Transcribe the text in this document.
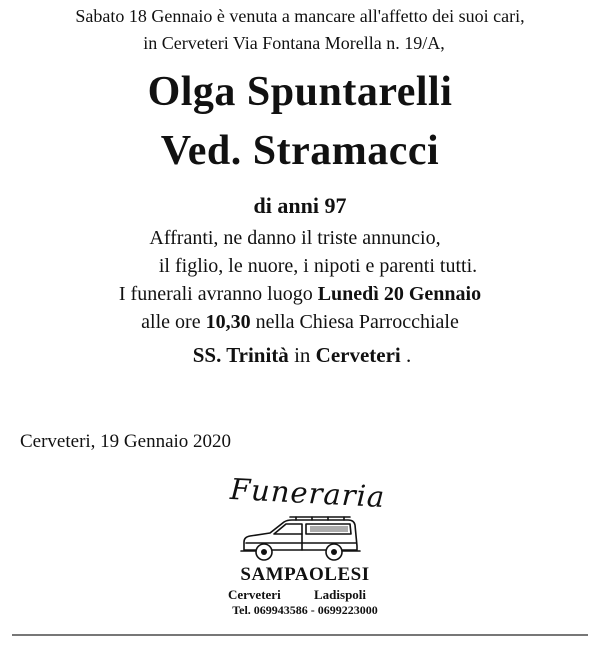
Sabato 18 Gennaio è venuta a mancare all'affetto dei suoi cari,
in Cerveteri Via Fontana Morella n. 19/A,
Olga Spuntarelli
Ved. Stramacci
di anni 97
Affranti, ne danno il triste annuncio,
il figlio, le nuore, i nipoti e parenti tutti.
I funerali avranno luogo Lunedì 20 Gennaio
alle ore 10,30 nella Chiesa Parrocchiale
SS. Trinità in Cerveteri .
Cerveteri, 19 Gennaio 2020
Funeraria
SAMPAOLESI
Cerveteri	Ladispoli
Tel. 069943586 - 0699223000
